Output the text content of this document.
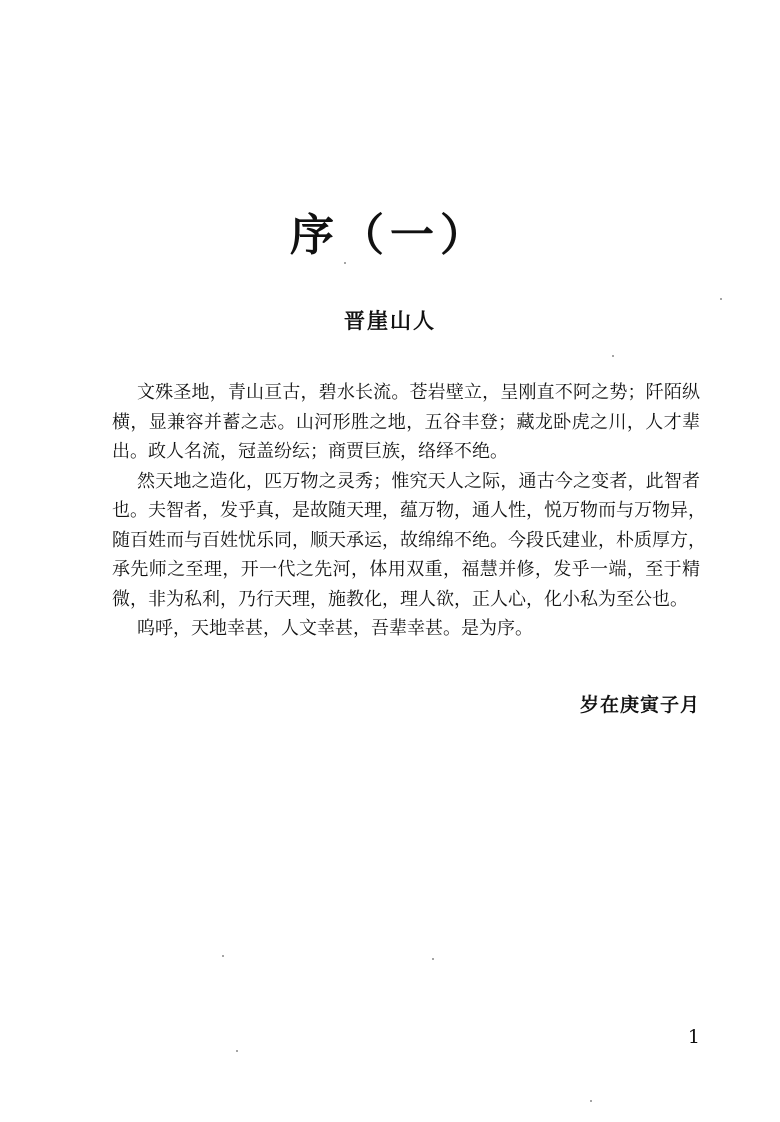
序（一）
晋崖山人
文殊圣地，青山亘古，碧水长流。苍岩壁立，呈刚直不阿之势；阡陌纵
横，显兼容并蓄之志。山河形胜之地，五谷丰登；藏龙卧虎之川，人才辈
出。政人名流，冠盖纷纭；商贾巨族，络绎不绝。
然天地之造化，匹万物之灵秀；惟究天人之际，通古今之变者，此智者
也。夫智者，发乎真，是故随天理，蕴万物，通人性，悦万物而与万物异，
随百姓而与百姓忧乐同，顺天承运，故绵绵不绝。今段氏建业，朴质厚方，
承先师之至理，开一代之先河，体用双重，福慧并修，发乎一端，至于精
微，非为私利，乃行天理，施教化，理人欲，正人心，化小私为至公也。
呜呼，天地幸甚，人文幸甚，吾辈幸甚。是为序。
岁在庚寅子月
1
